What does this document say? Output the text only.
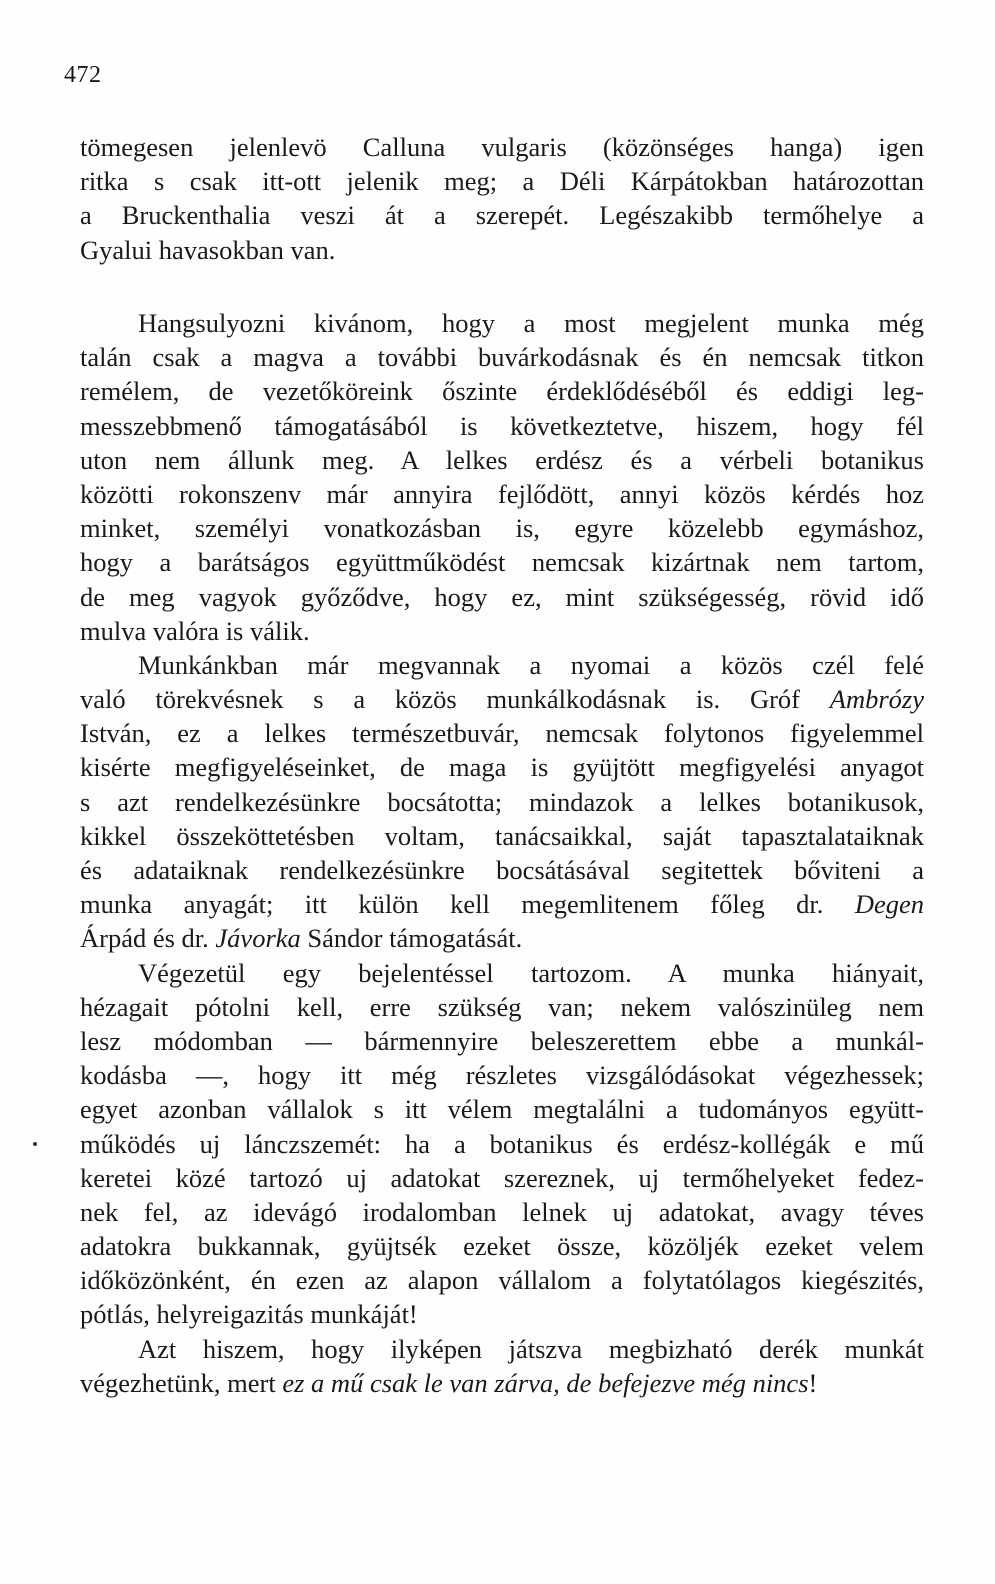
472
tömegesen jelenlevö Calluna vulgaris (közönséges hanga) igen
ritka s csak itt-ott jelenik meg; a Déli Kárpátokban határozottan
a Bruckenthalia veszi át a szerepét. Legészakibb termőhelye a
Gyalui havasokban van.
Hangsulyozni kivánom, hogy a most megjelent munka még
talán csak a magva a további buvárkodásnak és én nemcsak titkon
remélem, de vezetőköreink őszinte érdeklődéséből és eddigi leg-
messzebbmenő támogatásából is következtetve, hiszem, hogy fél
uton nem állunk meg. A lelkes erdész és a vérbeli botanikus
közötti rokonszenv már annyira fejlődött, annyi közös kérdés hoz
minket, személyi vonatkozásban is, egyre közelebb egymáshoz,
hogy a barátságos együttműködést nemcsak kizártnak nem tartom,
de meg vagyok győződve, hogy ez, mint szükségesség, rövid idő
mulva valóra is válik.
Munkánkban már megvannak a nyomai a közös czél felé
való törekvésnek s a közös munkálkodásnak is. Gróf Ambrózy
István, ez a lelkes természetbuvár, nemcsak folytonos figyelemmel
kisérte megfigyeléseinket, de maga is gyüjtött megfigyelési anyagot
s azt rendelkezésünkre bocsátotta; mindazok a lelkes botanikusok,
kikkel összeköttetésben voltam, tanácsaikkal, saját tapasztalataiknak
és adataiknak rendelkezésünkre bocsátásával segitettek bőviteni a
munka anyagát; itt külön kell megemlitenem főleg dr. Degen
Árpád és dr. Jávorka Sándor támogatását.
Végezetül egy bejelentéssel tartozom. A munka hiányait,
hézagait pótolni kell, erre szükség van; nekem valószinüleg nem
lesz módomban — bármennyire beleszerettem ebbe a munkál-
kodásba —, hogy itt még részletes vizsgálódásokat végezhessek;
egyet azonban vállalok s itt vélem megtalálni a tudományos együtt-
működés uj lánczszemét: ha a botanikus és erdész-kollégák e mű
keretei közé tartozó uj adatokat szereznek, uj termőhelyeket fedez-
nek fel, az idevágó irodalomban lelnek uj adatokat, avagy téves
adatokra bukkannak, gyüjtsék ezeket össze, közöljék ezeket velem
időközönként, én ezen az alapon vállalom a folytatólagos kiegészités,
pótlás, helyreigazitás munkáját!
Azt hiszem, hogy ilyképen játszva megbizható derék munkát
végezhetünk, mert ez a mű csak le van zárva, de befejezve még nincs!
